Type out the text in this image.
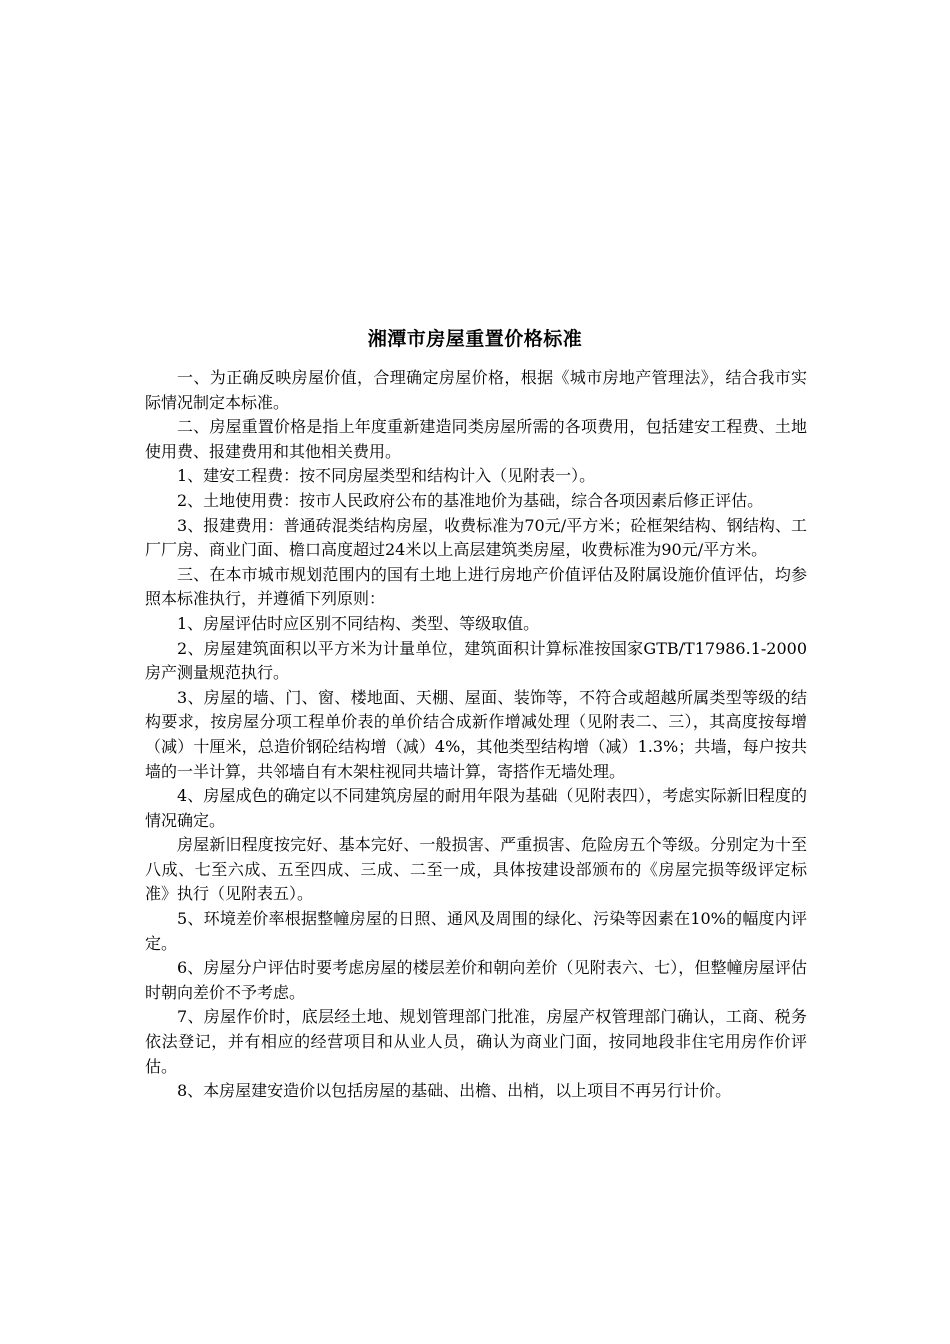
湘潭市房屋重置价格标准

一、为正确反映房屋价值，合理确定房屋价格，根据《城市房地产管理法》，结合我市实际情况制定本标准。

二、房屋重置价格是指上年度重新建造同类房屋所需的各项费用，包括建安工程费、土地使用费、报建费用和其他相关费用。

1、建安工程费：按不同房屋类型和结构计入（见附表一）。

2、土地使用费：按市人民政府公布的基准地价为基础，综合各项因素后修正评估。

3、报建费用：普通砖混类结构房屋，收费标准为70元/平方米；砼框架结构、钢结构、工厂厂房、商业门面、檐口高度超过24米以上高层建筑类房屋，收费标准为90元/平方米。

三、在本市城市规划范围内的国有土地上进行房地产价值评估及附属设施价值评估，均参照本标准执行，并遵循下列原则：

1、房屋评估时应区别不同结构、类型、等级取值。

2、房屋建筑面积以平方米为计量单位，建筑面积计算标准按国家GTB/T17986.1-2000房产测量规范执行。

3、房屋的墙、门、窗、楼地面、天棚、屋面、装饰等，不符合或超越所属类型等级的结构要求，按房屋分项工程单价表的单价结合成新作增减处理（见附表二、三），其高度按每增（减）十厘米，总造价钢砼结构增（减）4%，其他类型结构增（减）1.3%；共墙，每户按共墙的一半计算，共邻墙自有木架柱视同共墙计算，寄搭作无墙处理。

4、房屋成色的确定以不同建筑房屋的耐用年限为基础（见附表四），考虑实际新旧程度的情况确定。

房屋新旧程度按完好、基本完好、一般损害、严重损害、危险房五个等级。分别定为十至八成、七至六成、五至四成、三成、二至一成，具体按建设部颁布的《房屋完损等级评定标准》执行（见附表五）。

5、环境差价率根据整幢房屋的日照、通风及周围的绿化、污染等因素在10%的幅度内评定。

6、房屋分户评估时要考虑房屋的楼层差价和朝向差价（见附表六、七），但整幢房屋评估时朝向差价不予考虑。

7、房屋作价时，底层经土地、规划管理部门批准，房屋产权管理部门确认，工商、税务依法登记，并有相应的经营项目和从业人员，确认为商业门面，按同地段非住宅用房作价评估。

8、本房屋建安造价以包括房屋的基础、出檐、出梢，以上项目不再另行计价。
